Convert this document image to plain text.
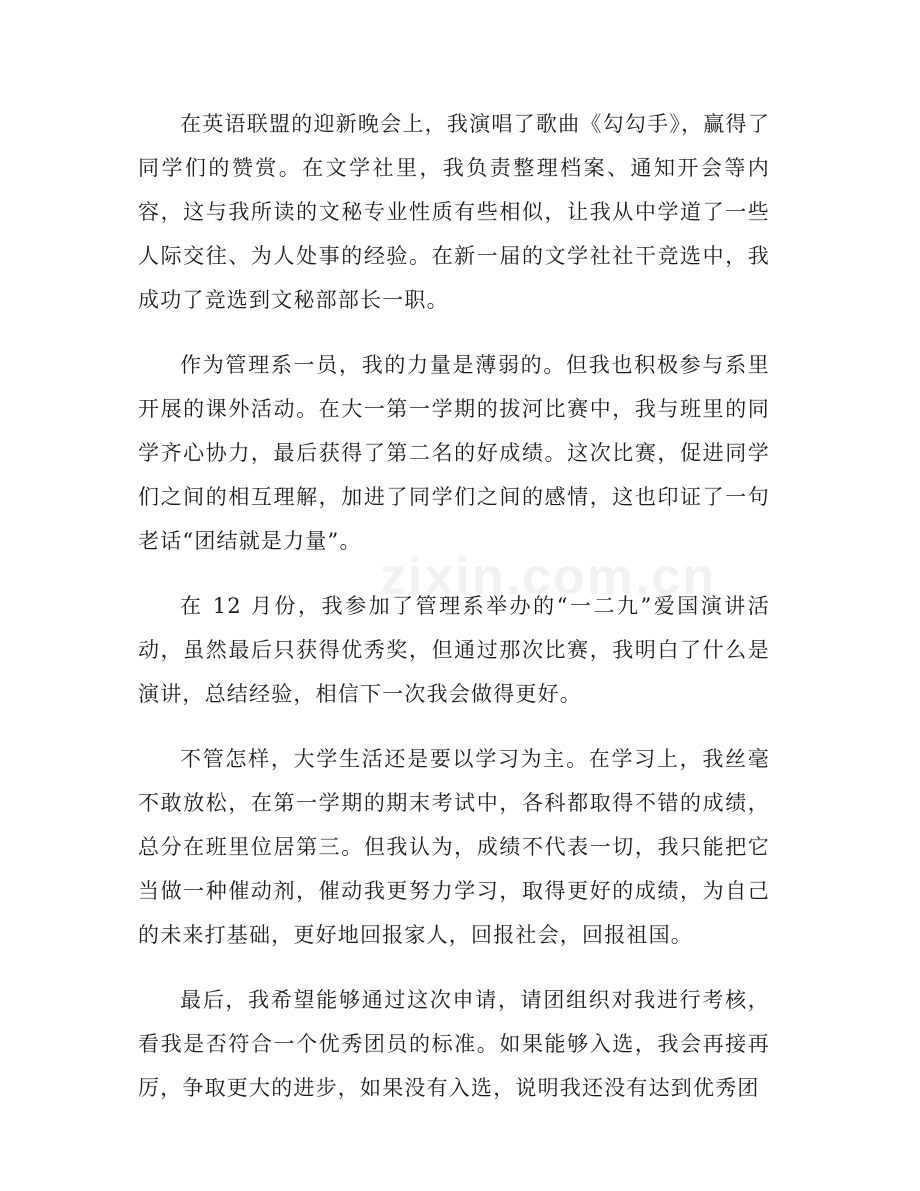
在英语联盟的迎新晚会上，我演唱了歌曲《勾勾手》，赢得了同学们的赞赏。在文学社里，我负责整理档案、通知开会等内容，这与我所读的文秘专业性质有些相似，让我从中学道了一些人际交往、为人处事的经验。在新一届的文学社社干竞选中，我成功了竞选到文秘部部长一职。

作为管理系一员，我的力量是薄弱的。但我也积极参与系里开展的课外活动。在大一第一学期的拔河比赛中，我与班里的同学齐心协力，最后获得了第二名的好成绩。这次比赛，促进同学们之间的相互理解，加进了同学们之间的感情，这也印证了一句老话“团结就是力量”。

在 12 月份，我参加了管理系举办的“一二九”爱国演讲活动，虽然最后只获得优秀奖，但通过那次比赛，我明白了什么是演讲，总结经验，相信下一次我会做得更好。

不管怎样，大学生活还是要以学习为主。在学习上，我丝毫不敢放松，在第一学期的期末考试中，各科都取得不错的成绩，总分在班里位居第三。但我认为，成绩不代表一切，我只能把它当做一种催动剂，催动我更努力学习，取得更好的成绩，为自己的未来打基础，更好地回报家人，回报社会，回报祖国。

最后，我希望能够通过这次申请，请团组织对我进行考核，看我是否符合一个优秀团员的标准。如果能够入选，我会再接再厉，争取更大的进步，如果没有入选，说明我还没有达到优秀团

zixin.com.cn
